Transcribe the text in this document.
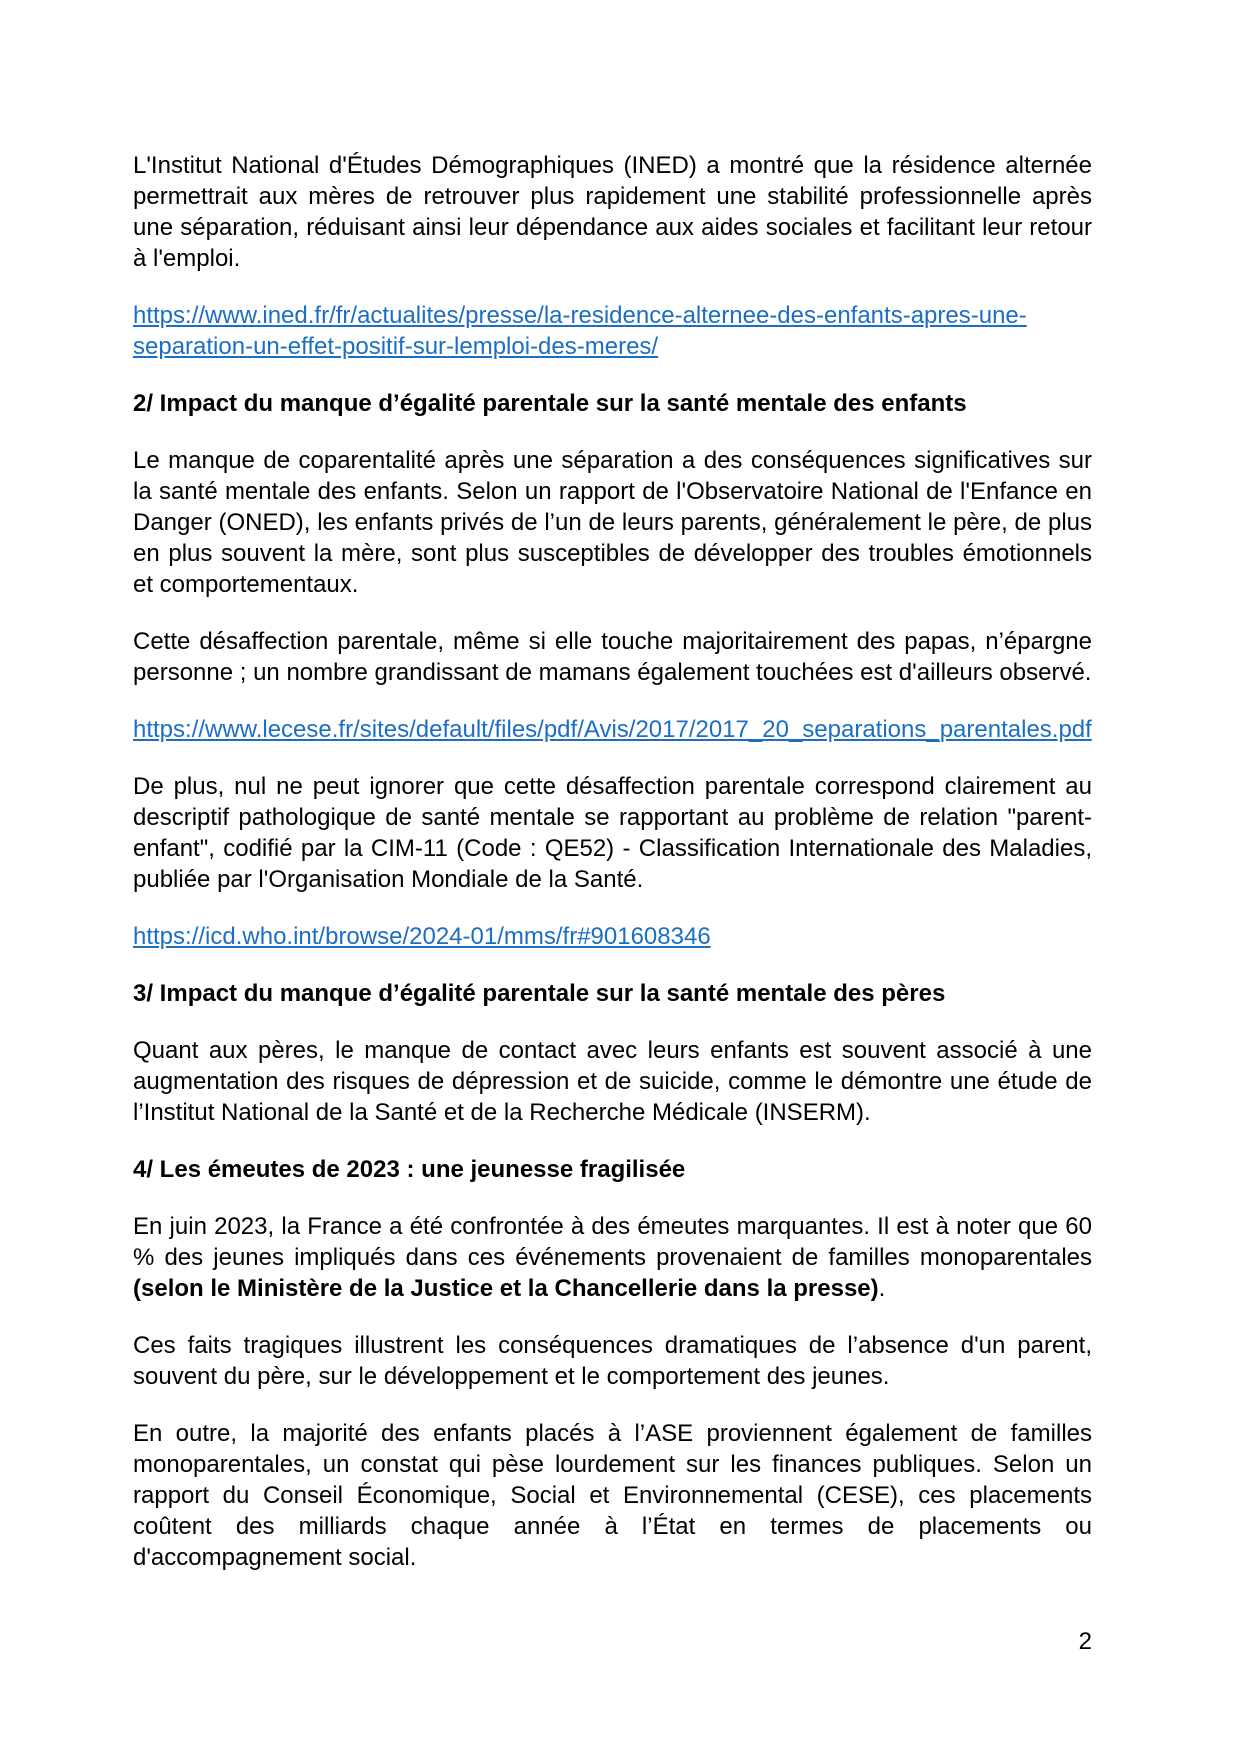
L'Institut National d'Études Démographiques (INED) a montré que la résidence alternée permettrait aux mères de retrouver plus rapidement une stabilité professionnelle après une séparation, réduisant ainsi leur dépendance aux aides sociales et facilitant leur retour à l'emploi.

https://www.ined.fr/fr/actualites/presse/la-residence-alternee-des-enfants-apres-une-separation-un-effet-positif-sur-lemploi-des-meres/

2/ Impact du manque d’égalité parentale sur la santé mentale des enfants

Le manque de coparentalité après une séparation a des conséquences significatives sur la santé mentale des enfants. Selon un rapport de l'Observatoire National de l'Enfance en Danger (ONED), les enfants privés de l’un de leurs parents, généralement le père, de plus en plus souvent la mère, sont plus susceptibles de développer des troubles émotionnels et comportementaux.

Cette désaffection parentale, même si elle touche majoritairement des papas, n’épargne personne ; un nombre grandissant de mamans également touchées est d'ailleurs observé.

https://www.lecese.fr/sites/default/files/pdf/Avis/2017/2017_20_separations_parentales.pdf

De plus, nul ne peut ignorer que cette désaffection parentale correspond clairement au descriptif pathologique de santé mentale se rapportant au problème de relation "parent-enfant", codifié par la CIM-11 (Code : QE52) - Classification Internationale des Maladies, publiée par l'Organisation Mondiale de la Santé.

https://icd.who.int/browse/2024-01/mms/fr#901608346

3/ Impact du manque d’égalité parentale sur la santé mentale des pères

Quant aux pères, le manque de contact avec leurs enfants est souvent associé à une augmentation des risques de dépression et de suicide, comme le démontre une étude de l’Institut National de la Santé et de la Recherche Médicale (INSERM).

4/ Les émeutes de 2023 : une jeunesse fragilisée

En juin 2023, la France a été confrontée à des émeutes marquantes. Il est à noter que 60 % des jeunes impliqués dans ces événements provenaient de familles monoparentales (selon le Ministère de la Justice et la Chancellerie dans la presse).

Ces faits tragiques illustrent les conséquences dramatiques de l’absence d'un parent, souvent du père, sur le développement et le comportement des jeunes.

En outre, la majorité des enfants placés à l’ASE proviennent également de familles monoparentales, un constat qui pèse lourdement sur les finances publiques. Selon un rapport du Conseil Économique, Social et Environnemental (CESE), ces placements coûtent des milliards chaque année à l’État en termes de placements ou d'accompagnement social.

2
